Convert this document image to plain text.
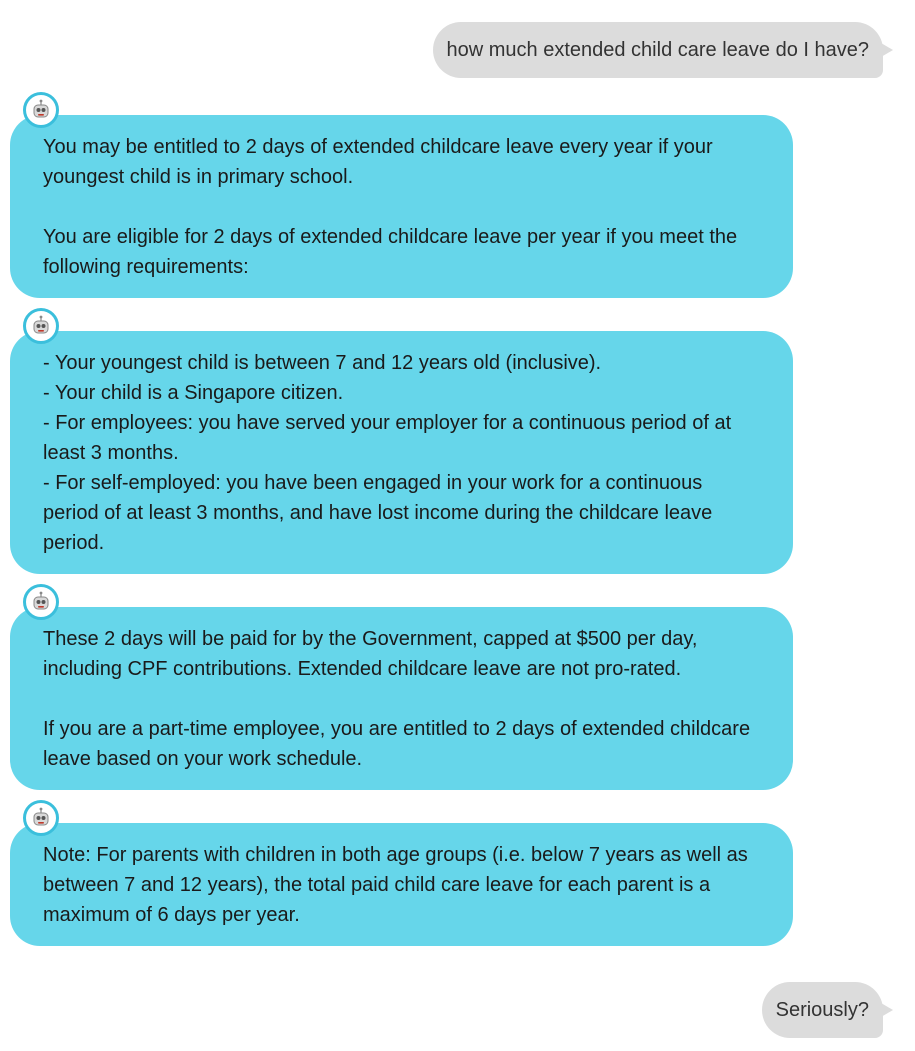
how much extended child care leave do I have?

You may be entitled to 2 days of extended childcare leave every year if your youngest child is in primary school.

You are eligible for 2 days of extended childcare leave per year if you meet the following requirements:

- Your youngest child is between 7 and 12 years old (inclusive).
- Your child is a Singapore citizen.
- For employees: you have served your employer for a continuous period of at least 3 months.
- For self-employed: you have been engaged in your work for a continuous period of at least 3 months, and have lost income during the childcare leave period.

These 2 days will be paid for by the Government, capped at $500 per day, including CPF contributions. Extended childcare leave are not pro-rated.

If you are a part-time employee, you are entitled to 2 days of extended childcare leave based on your work schedule.

Note: For parents with children in both age groups (i.e. below 7 years as well as between 7 and 12 years), the total paid child care leave for each parent is a maximum of 6 days per year.

Seriously?
